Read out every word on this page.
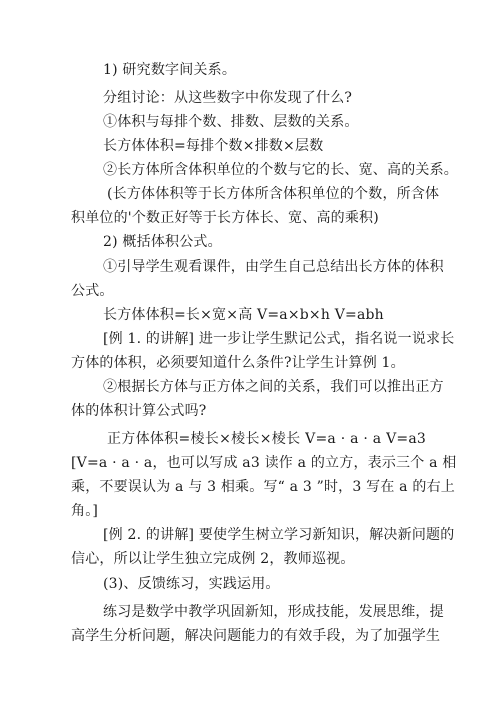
1) 研究数字间关系。
分组讨论：从这些数字中你发现了什么?
①体积与每排个数、排数、层数的关系。
长方体体积=每排个数×排数×层数
②长方体所含体积单位的个数与它的长、宽、高的关系。
(长方体体积等于长方体所含体积单位的个数，所含体
积单位的'个数正好等于长方体长、宽、高的乘积)
2) 概括体积公式。
①引导学生观看课件，由学生自己总结出长方体的体积
公式。
长方体体积=长×宽×高 V=a×b×h V=abh
[例 1. 的讲解] 进一步让学生默记公式，指名说一说求长
方体的体积，必须要知道什么条件?让学生计算例 1。
②根据长方体与正方体之间的关系，我们可以推出正方
体的体积计算公式吗?
正方体体积=棱长×棱长×棱长 V=a · a · a V=a3
[V=a · a · a，也可以写成 a3 读作 a 的立方，表示三个 a 相
乘，不要误认为 a 与 3 相乘。写“ a 3 ”时，3 写在 a 的右上
角。]
[例 2. 的讲解] 要使学生树立学习新知识，解决新问题的
信心，所以让学生独立完成例 2，教师巡视。
(3)、反馈练习，实践运用。
练习是数学中教学巩固新知，形成技能，发展思维，提
高学生分析问题，解决问题能力的有效手段，为了加强学生
